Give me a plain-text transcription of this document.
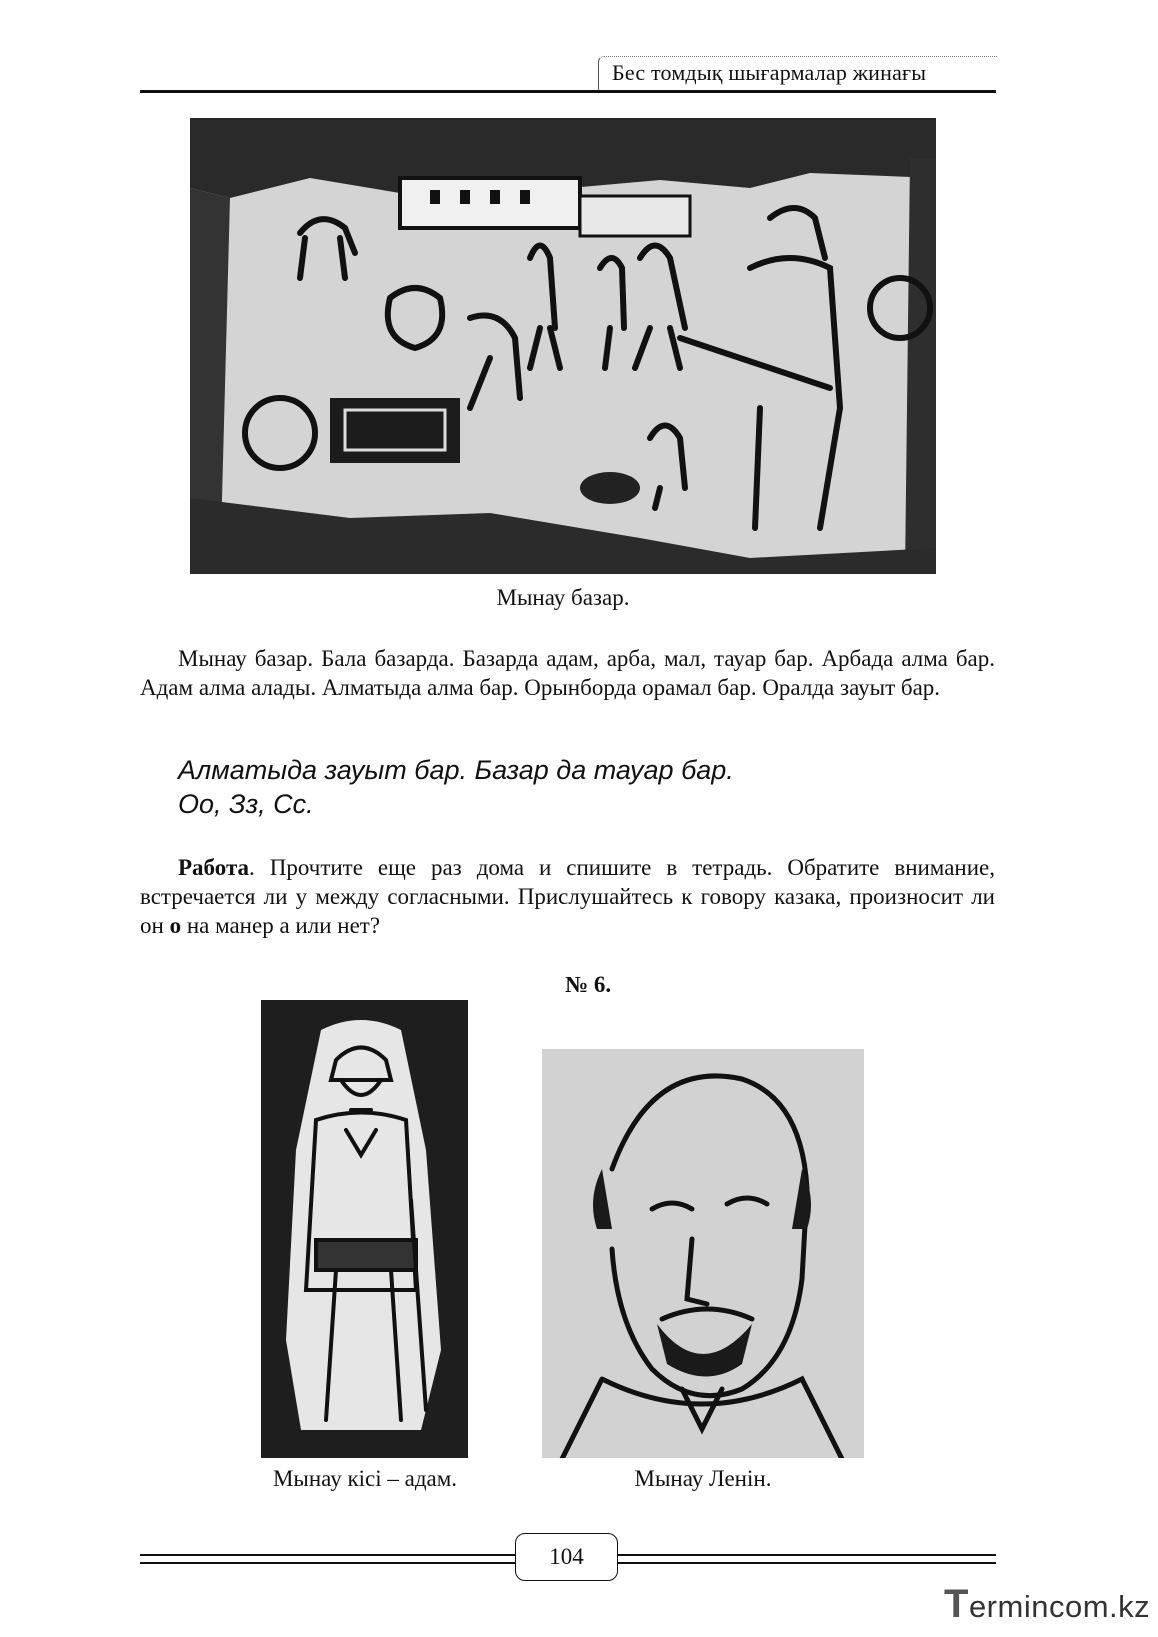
Бес томдық шығармалар жинағы
Мынау базар.
Мынау базар. Бала базарда. Базарда адам, арба, мал, тауар бар. Арбада алма бар. Адам алма алады. Алматыда алма бар. Орынборда орамал бар. Оралда зауыт бар.
Алматыда зауыт бар. Базар да тауар бар.
Оо, Зз, Сс.
Работа. Прочтите еще раз дома и спишите в тетрадь. Обратите внимание, встречается ли у между согласными. Прислушайтесь к говору казака, произносит ли он о на манер а или нет?
№ 6.
Мынау кісі – адам.	Мынау Ленін.
104
Termincom.kz
